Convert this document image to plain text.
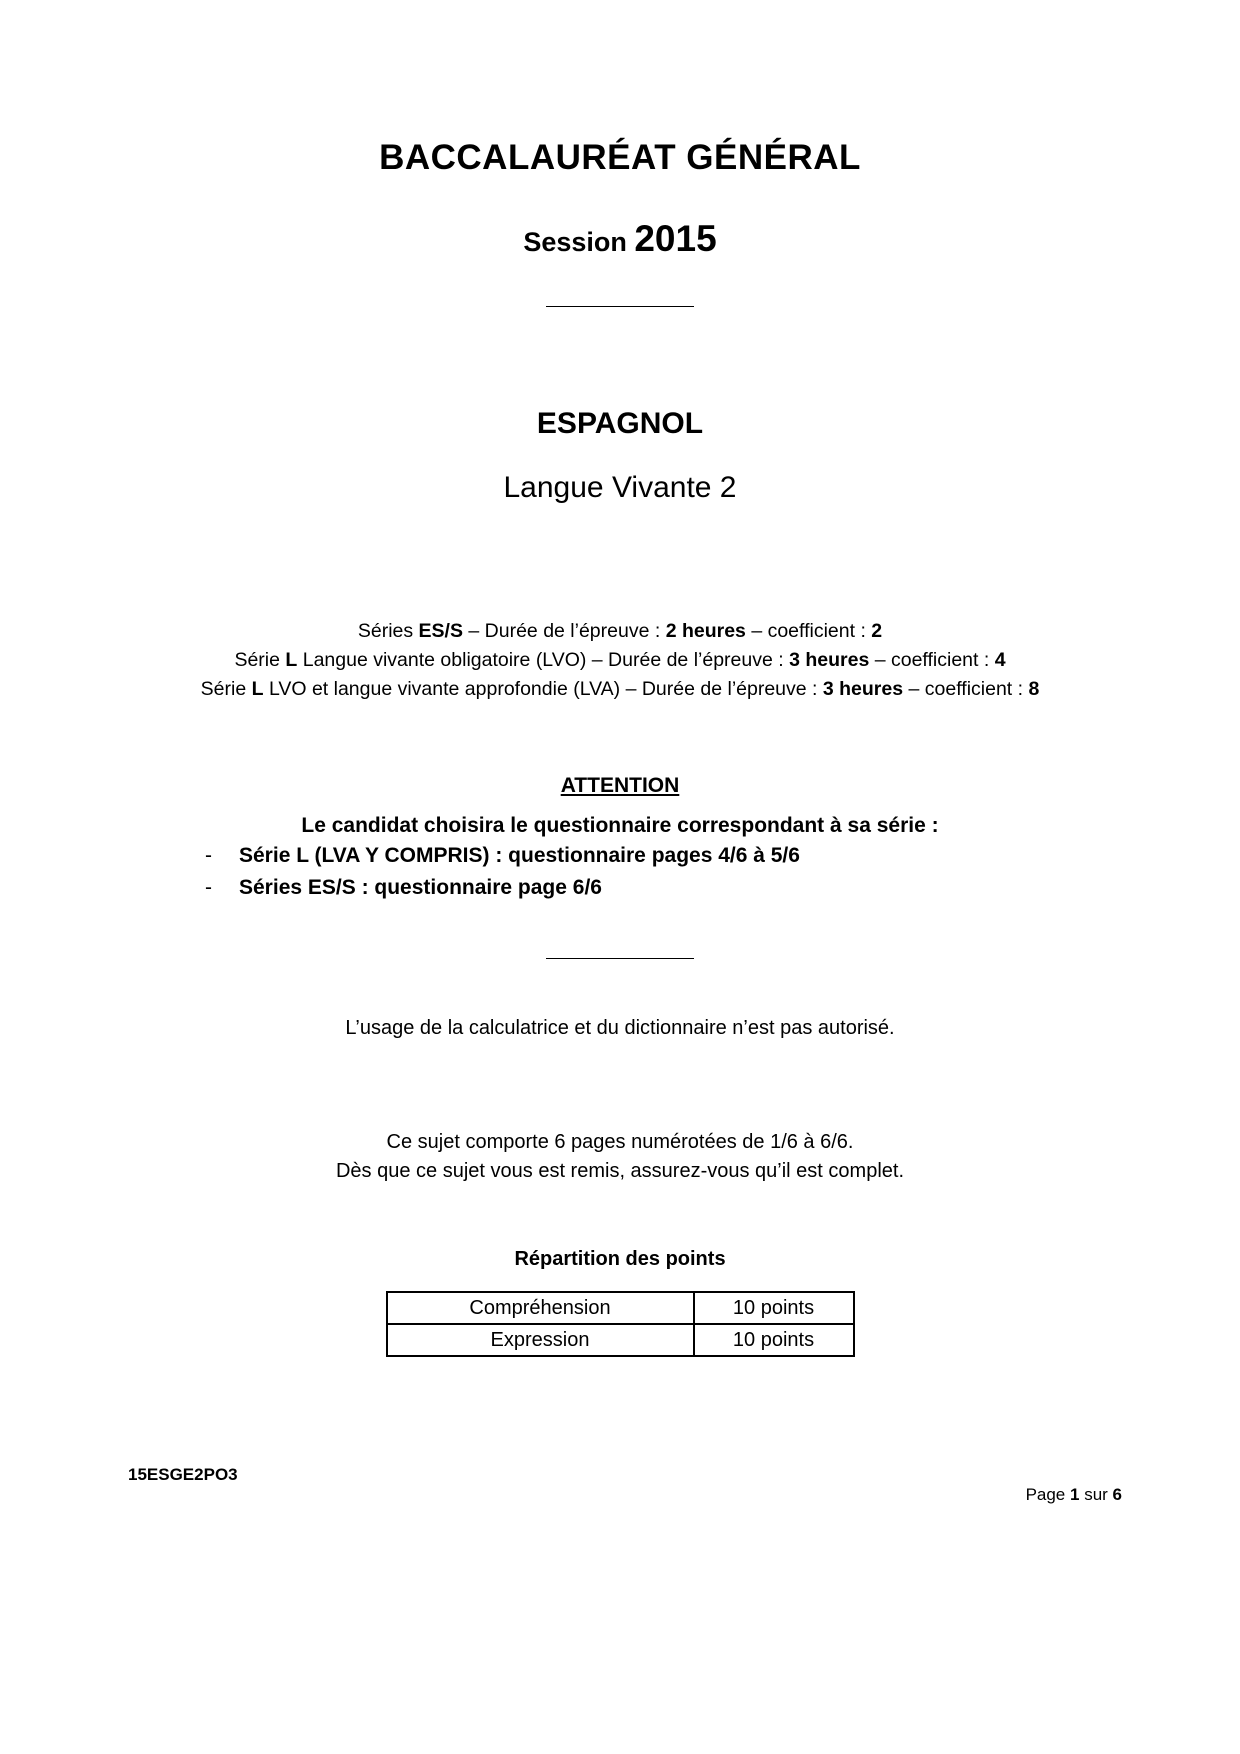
BACCALAURÉAT GÉNÉRAL
Session 2015
ESPAGNOL
Langue Vivante 2
Séries ES/S – Durée de l’épreuve : 2 heures – coefficient : 2
Série L Langue vivante obligatoire (LVO) – Durée de l’épreuve : 3 heures – coefficient : 4
Série L LVO et langue vivante approfondie (LVA) – Durée de l’épreuve : 3 heures – coefficient : 8
ATTENTION
Le candidat choisira le questionnaire correspondant à sa série :
- Série L (LVA Y COMPRIS) : questionnaire pages 4/6 à 5/6
- Séries ES/S : questionnaire page 6/6
L’usage de la calculatrice et du dictionnaire n’est pas autorisé.
Ce sujet comporte 6 pages numérotées de 1/6 à 6/6.
Dès que ce sujet vous est remis, assurez-vous qu’il est complet.
Répartition des points
Compréhension	10 points
Expression	10 points
15ESGE2PO3

Page 1 sur 6
